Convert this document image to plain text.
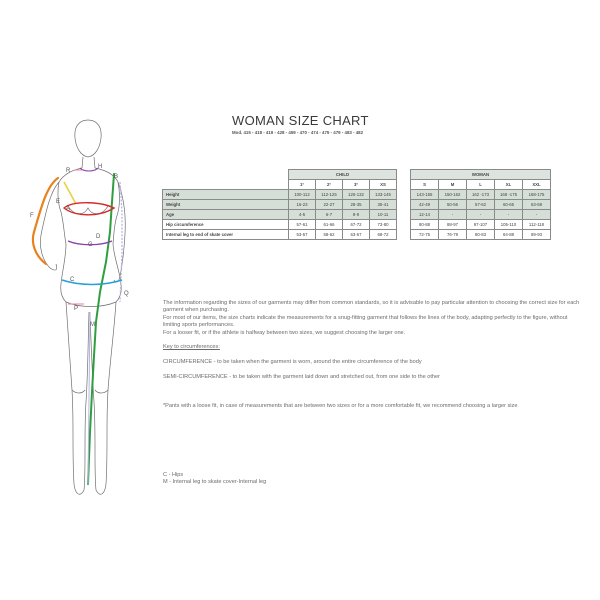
R
H
B
E
F
A
D
G
C
Q
P
M
WOMAN SIZE CHART
Mod. 415 - 418 - 419 - 428 - 459 - 470 - 474 - 475 - 479 - 483 - 482
	CHILD					WOMAN				
	1°	2°	3°	XS		S	M	L	XL	XXL
Height	100-112	112-125	125-132	133-145		143-155	150-162	162 -173	168 -175	168-175
Weight	16-23	22-27	28-35	35-41		42-49	50-56	57-62	60-65	63-68
Age	4-5	6-7	8-9	10-11		12-14	-	-	-	-
Hip circumference	57-61	61-66	67-72	73-80		80-88	88-97	97-107	105-110	112-118
Internal leg to end of skate cover	53-57	58-62	63-67	68-72		72-75	76-79	80-83	84-88	89-93

The information regarding the sizes of our garments may differ from common standards, so it is advisable to pay particular attention to choosing the correct size for each garment when purchasing.

For most of our items, the size charts indicate the measurements for a snug-fitting garment that follows the lines of the body, adapting perfectly to the figure, without limiting sports performances.

For a looser fit, or if the athlete is halfway between two sizes, we suggest choosing the larger one.

Key to circumferences:

CIRCUMFERENCE - to be taken when the garment is worn, around the entire circumference of the body

SEMI-CIRCUMFERENCE - to be taken with the garment laid down and stretched out, from one side to the other

*Pants with a loose fit, in case of measurements that are between two sizes or for a more comfortable fit, we recommend choosing a larger size

C - Hips

M - Internal leg to skate cover-Internal leg
